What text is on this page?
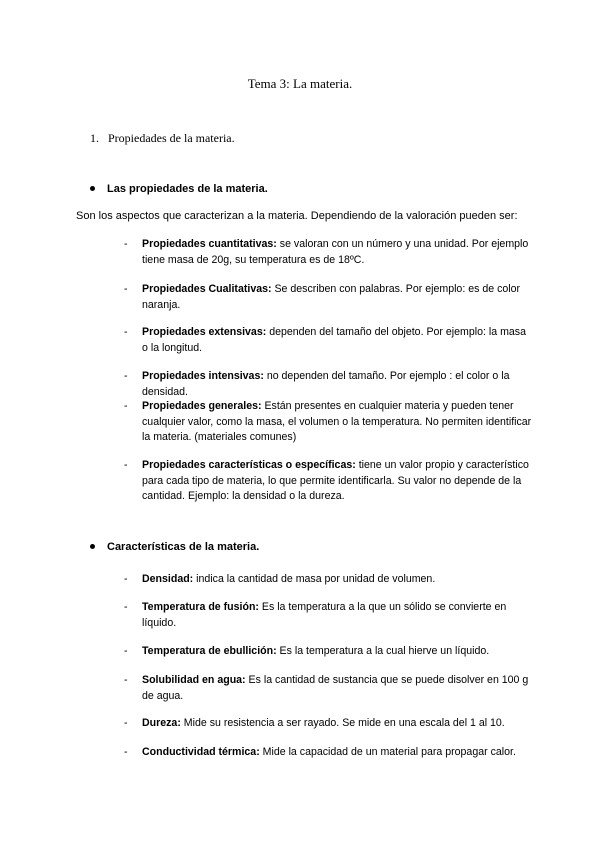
Tema 3: La materia.
1. Propiedades de la materia.
Las propiedades de la materia.
Son los aspectos que caracterizan a la materia. Dependiendo de la valoración pueden ser:
-	Propiedades cuantitativas: se valoran con un número y una unidad. Por ejemplo tiene masa de 20g, su temperatura es de 18ºC.
-	Propiedades Cualitativas: Se describen con palabras. Por ejemplo: es de color naranja.
-	Propiedades extensivas: dependen del tamaño del objeto. Por ejemplo: la masa o la longitud.
-	Propiedades intensivas: no dependen del tamaño. Por ejemplo : el color o la densidad.
-	Propiedades generales: Están presentes en cualquier materia y pueden tener cualquier valor, como la masa, el volumen o la temperatura. No permiten identificar la materia. (materiales comunes)
-	Propiedades características o específicas: tiene un valor propio y característico para cada tipo de materia, lo que permite identificarla. Su valor no depende de la cantidad. Ejemplo: la densidad o la dureza.
Características de la materia.
-	Densidad: indica la cantidad de masa por unidad de volumen.
-	Temperatura de fusión: Es la temperatura a la que un sólido se convierte en líquido.
-	Temperatura de ebullición: Es la temperatura a la cual hierve un líquido.
-	Solubilidad en agua: Es la cantidad de sustancia que se puede disolver en 100 g de agua.
-	Dureza: Mide su resistencia a ser rayado. Se mide en una escala del 1 al 10.
-	Conductividad térmica: Mide la capacidad de un material para propagar calor.
